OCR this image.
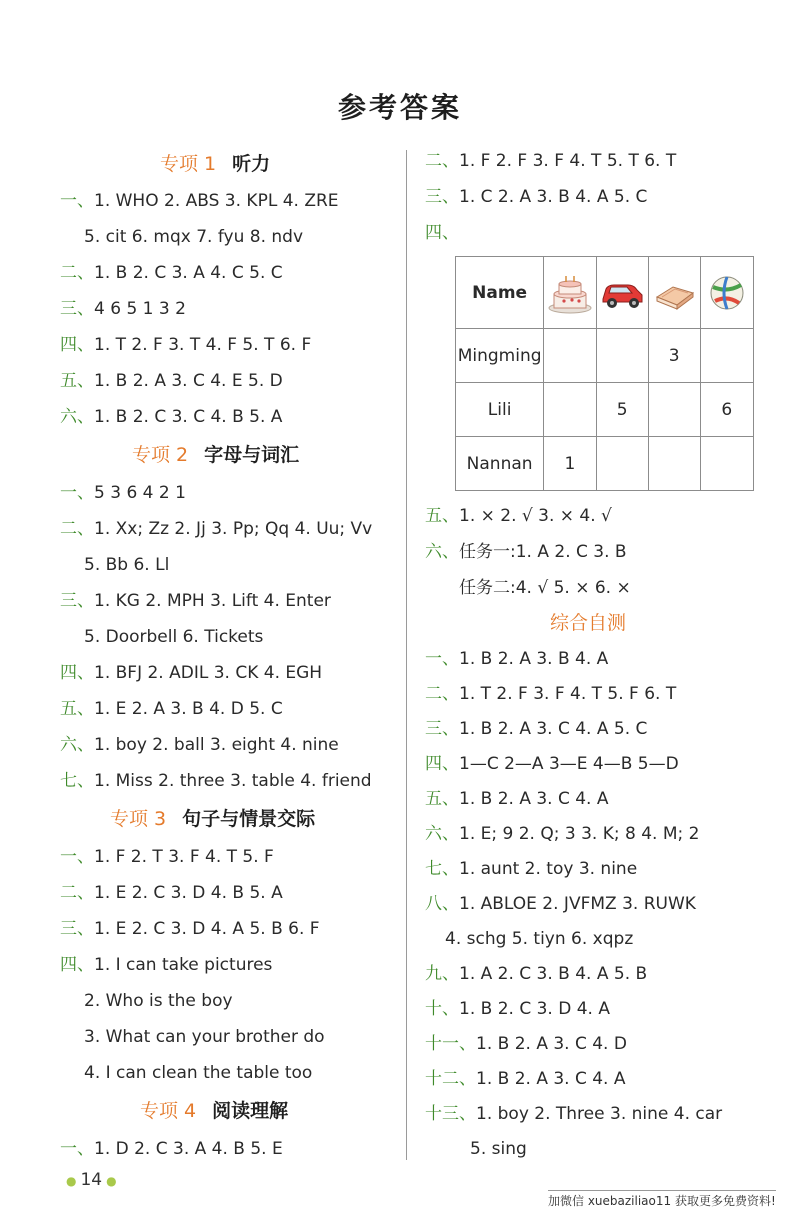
参考答案
专项 1 听力
一、1. WHO 2. ABS 3. KPL 4. ZRE
5. cit 6. mqx 7. fyu 8. ndv
二、1. B 2. C 3. A 4. C 5. C
三、4 6 5 1 3 2
四、1. T 2. F 3. T 4. F 5. T 6. F
五、1. B 2. A 3. C 4. E 5. D
六、1. B 2. C 3. C 4. B 5. A
专项 2 字母与词汇
一、5 3 6 4 2 1
二、1. Xx; Zz 2. Jj 3. Pp; Qq 4. Uu; Vv
5. Bb 6. Ll
三、1. KG 2. MPH 3. Lift 4. Enter
5. Doorbell 6. Tickets
四、1. BFJ 2. ADIL 3. CK 4. EGH
五、1. E 2. A 3. B 4. D 5. C
六、1. boy 2. ball 3. eight 4. nine
七、1. Miss 2. three 3. table 4. friend
专项 3 句子与情景交际
一、1. F 2. T 3. F 4. T 5. F
二、1. E 2. C 3. D 4. B 5. A
三、1. E 2. C 3. D 4. A 5. B 6. F
四、1. I can take pictures
2. Who is the boy
3. What can your brother do
4. I can clean the table too
专项 4 阅读理解
一、1. D 2. C 3. A 4. B 5. E
二、1. F 2. F 3. F 4. T 5. T 6. T
三、1. C 2. A 3. B 4. A 5. C
四、
五、1. × 2. √ 3. × 4. √
六、任务一:1. A 2. C 3. B
任务二:4. √ 5. × 6. ×
综合自测
一、1. B 2. A 3. B 4. A
二、1. T 2. F 3. F 4. T 5. F 6. T
三、1. B 2. A 3. C 4. A 5. C
四、1—C 2—A 3—E 4—B 5—D
五、1. B 2. A 3. C 4. A
六、1. E; 9 2. Q; 3 3. K; 8 4. M; 2
七、1. aunt 2. toy 3. nine
八、1. ABLOE 2. JVFMZ 3. RUWK
4. schg 5. tiyn 6. xqpz
九、1. A 2. C 3. B 4. A 5. B
十、1. B 2. C 3. D 4. A
十一、1. B 2. A 3. C 4. D
十二、1. B 2. A 3. C 4. A
十三、1. boy 2. Three 3. nine 4. car
5. sing
Name	

Mingming			3	
Lili		5		6
Nannan	1			
● 14 ●
加微信 xuebaziliao11 获取更多免费资料!
